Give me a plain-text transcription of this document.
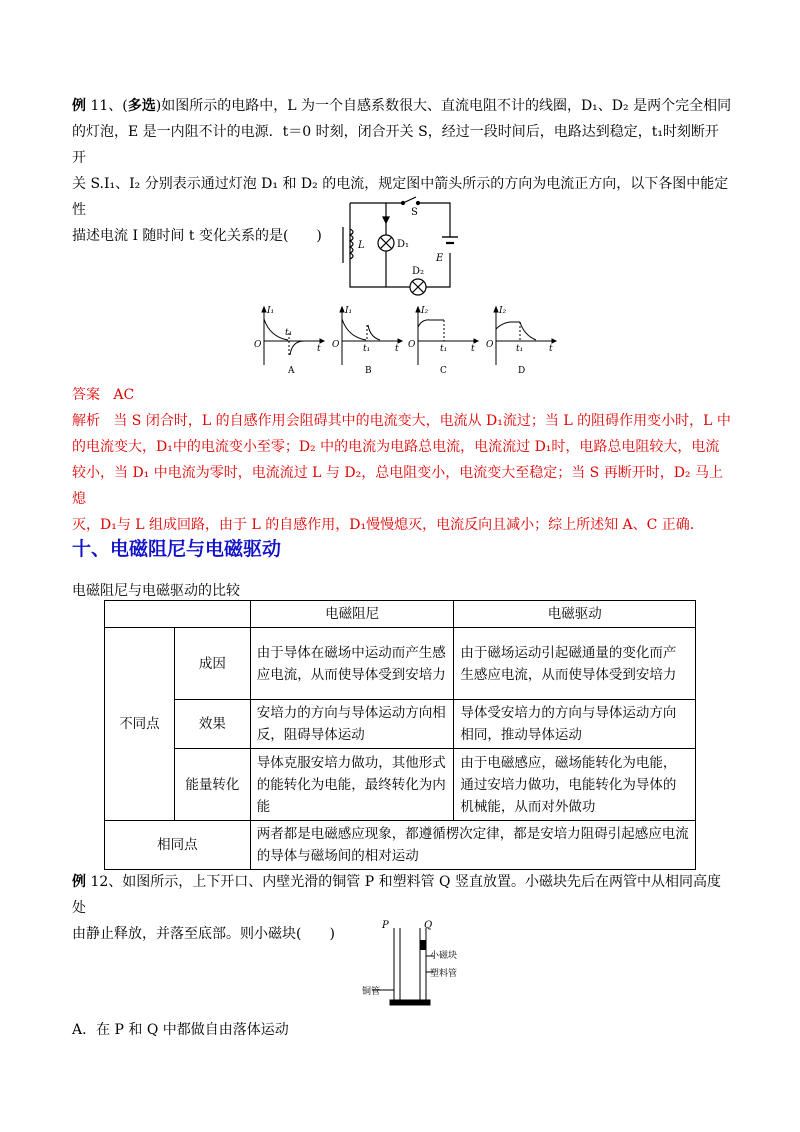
例 11、(多选)如图所示的电路中，L 为一个自感系数很大、直流电阻不计的线圈，D₁、D₂ 是两个完全相同
的灯泡，E 是一内阻不计的电源．t＝0 时刻，闭合开关 S，经过一段时间后，电路达到稳定，t₁时刻断开开
关 S.I₁、I₂ 分别表示通过灯泡 D₁ 和 D₂ 的电流，规定图中箭头所示的方向为电流正方向，以下各图中能定性
描述电流 I 随时间 t 变化关系的是(　　)
L
S
D₁
D₂
E
I₁
O
t₁
t
I₁
O	t₁	t
I₂
O	t₁	t
I₂
O	t₁	t
A	B	C	D
答案 AC
解析 当 S 闭合时，L 的自感作用会阻碍其中的电流变大，电流从 D₁流过；当 L 的阻碍作用变小时，L 中
的电流变大，D₁中的电流变小至零；D₂ 中的电流为电路总电流，电流流过 D₁时，电路总电阻较大，电流
较小，当 D₁ 中电流为零时，电流流过 L 与 D₂，总电阻变小，电流变大至稳定；当 S 再断开时，D₂ 马上熄
灭，D₁与 L 组成回路，由于 L 的自感作用，D₁慢慢熄灭，电流反向且减小；综上所述知 A、C 正确．
十、电磁阻尼与电磁驱动
电磁阻尼与电磁驱动的比较
		电磁阻尼	电磁驱动
不同点	成因	由于导体在磁场中运动而产生感应电流，从而使导体受到安培力	由于磁场运动引起磁通量的变化而产生感应电流，从而使导体受到安培力
	效果	安培力的方向与导体运动方向相反，阻碍导体运动	导体受安培力的方向与导体运动方向相同，推动导体运动
	能量转化	导体克服安培力做功，其他形式的能转化为电能，最终转化为内能	由于电磁感应，磁场能转化为电能，通过安培力做功，电能转化为导体的机械能，从而对外做功
相同点		两者都是电磁感应现象，都遵循楞次定律，都是安培力阻碍引起感应电流的导体与磁场间的相对运动	
例 12、如图所示，上下开口、内壁光滑的铜管 P 和塑料管 Q 竖直放置。小磁块先后在两管中从相同高度处
由静止释放，并落至底部。则小磁块(　　)
P	Q
小磁块
塑料管
铜管
A．在 P 和 Q 中都做自由落体运动
